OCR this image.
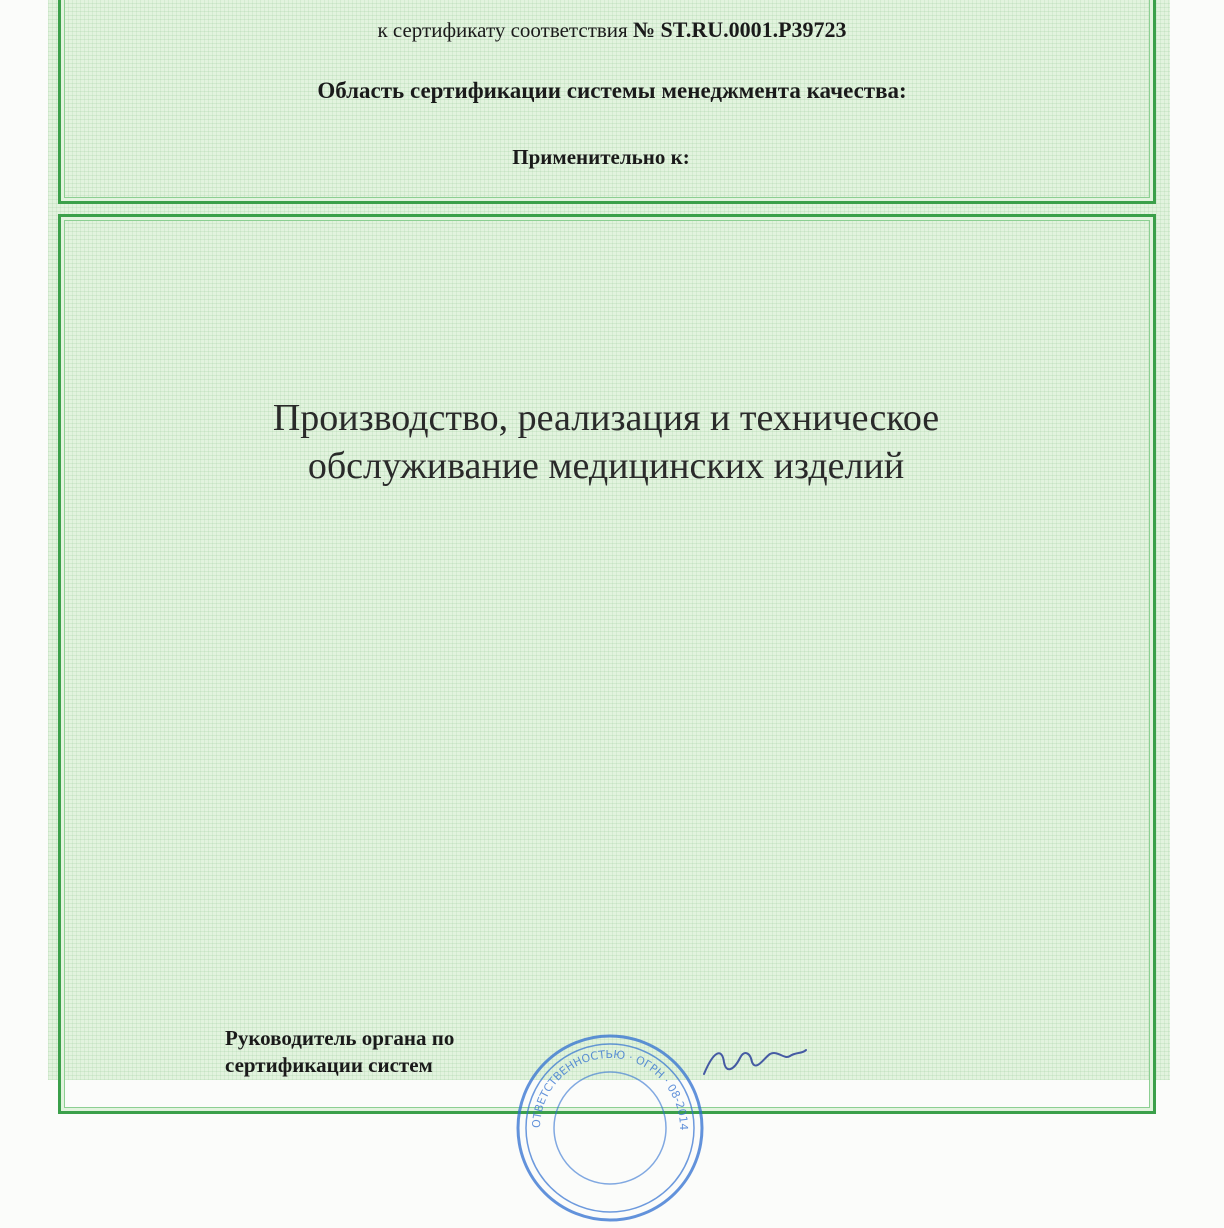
к сертификату соответствия № ST.RU.0001.P39723
Область сертификации системы менеджмента качества:
Применительно к:
Производство, реализация и техническое
обслуживание медицинских изделий
Руководитель органа по
сертификации систем
ОТВЕТСТВЕННОСТЬЮ · ОГРН · 08-2014
